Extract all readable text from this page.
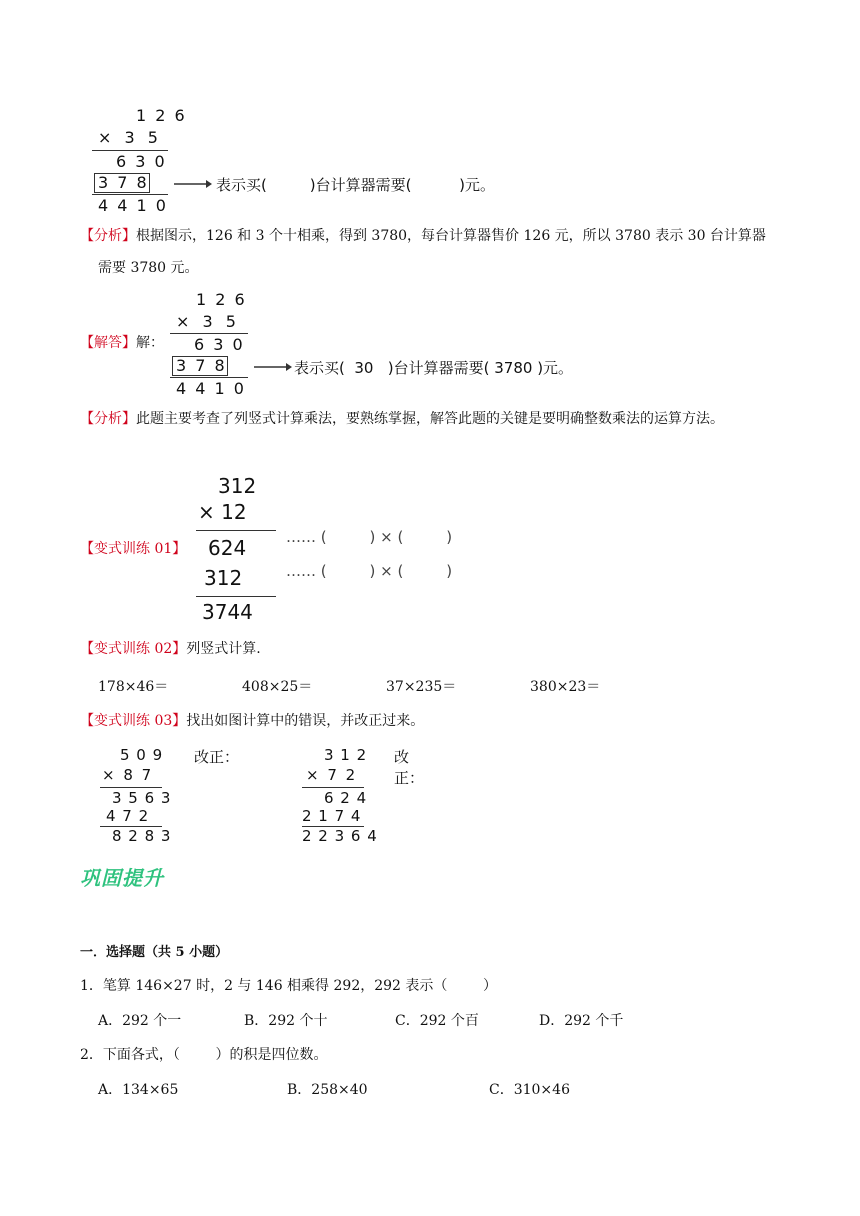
1 2 6
× 3 5
6 3 0
3 7 8
4 4 1 0
表示买(         )台计算器需要(          )元。
【分析】根据图示，126 和 3 个十相乘，得到 3780，每台计算器售价 126 元，所以 3780 表示 30 台计算器
需要 3780 元。
【解答】解：
1 2 6
× 3 5
6 3 0
3 7 8
4 4 1 0
表示买(  30   )台计算器需要( 3780 )元。
【分析】此题主要考查了列竖式计算乘法，要熟练掌握，解答此题的关键是要明确整数乘法的运算方法。
【变式训练 01】
312
× 12
624
312
3744
…… (         ) × (         )
…… (         ) × (         )
【变式训练 02】列竖式计算.
178×46＝	408×25＝	37×235＝	380×23＝
【变式训练 03】找出如图计算中的错误，并改正过来。
5 0 9
× 8 7
3 5 6 3
4 7 2
8 2 8 3
改正：	3 1 2
× 7 2
6 2 4
2 1 7 4
2 2 3 6 4
改正：
巩固提升
一．选择题（共 5 小题）
1．笔算 146×27 时，2 与 146 相乘得 292，292 表示（        ）
A．292 个一	B．292 个十	C．292 个百	D．292 个千
2．下面各式，（        ）的积是四位数。
A．134×65	B．258×40	C．310×46
